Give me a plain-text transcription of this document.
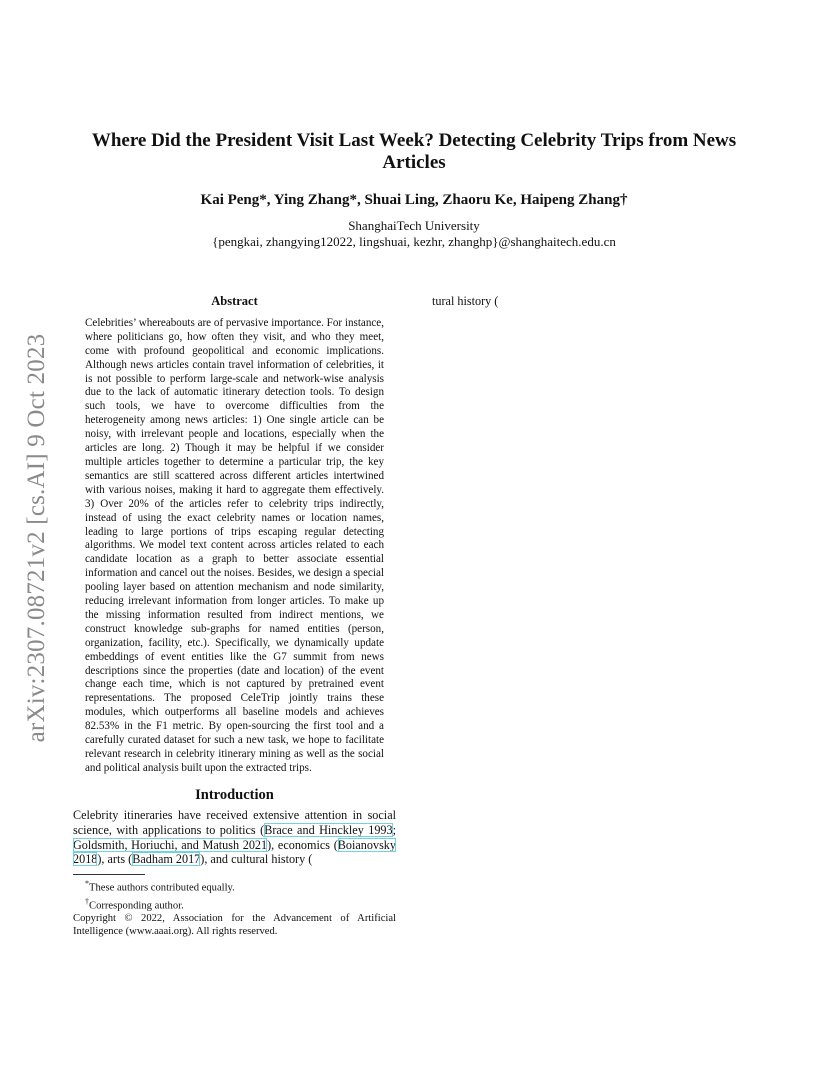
arXiv:2307.08721v2 [cs.AI] 9 Oct 2023
Where Did the President Visit Last Week? Detecting Celebrity Trips from News Articles
Kai Peng*, Ying Zhang*, Shuai Ling, Zhaoru Ke, Haipeng Zhang†
ShanghaiTech University
{pengkai, zhangying12022, lingshuai, kezhr, zhanghp}@shanghaitech.edu.cn
Abstract

Celebrities’ whereabouts are of pervasive importance. For instance, where politicians go, how often they visit, and who they meet, come with profound geopolitical and economic implications. Although news articles contain travel information of celebrities, it is not possible to perform large-scale and network-wise analysis due to the lack of automatic itinerary detection tools. To design such tools, we have to overcome difficulties from the heterogeneity among news articles: 1) One single article can be noisy, with irrelevant people and locations, especially when the articles are long. 2) Though it may be helpful if we consider multiple articles together to determine a particular trip, the key semantics are still scattered across different articles intertwined with various noises, making it hard to aggregate them effectively. 3) Over 20% of the articles refer to celebrity trips indirectly, instead of using the exact celebrity names or location names, leading to large portions of trips escaping regular detecting algorithms. We model text content across articles related to each candidate location as a graph to better associate essential information and cancel out the noises. Besides, we design a special pooling layer based on attention mechanism and node similarity, reducing irrelevant information from longer articles. To make up the missing information resulted from indirect mentions, we construct knowledge sub-graphs for named entities (person, organization, facility, etc.). Specifically, we dynamically update embeddings of event entities like the G7 summit from news descriptions since the properties (date and location) of the event change each time, which is not captured by pretrained event representations. The proposed CeleTrip jointly trains these modules, which outperforms all baseline models and achieves 82.53% in the F1 metric. By open-sourcing the first tool and a carefully curated dataset for such a new task, we hope to facilitate relevant research in celebrity itinerary mining as well as the social and political analysis built upon the extracted trips.

Introduction

Celebrity itineraries have received extensive attention in social science, with applications to politics (Brace and Hinckley 1993; Goldsmith, Horiuchi, and Matush 2021), economics (Boianovsky 2018), arts (Badham 2017), and cultural history (

*These authors contributed equally.
†Corresponding author.
Copyright © 2022, Association for the Advancement of Artificial Intelligence (www.aaai.org). All rights reserved.

tural history (
